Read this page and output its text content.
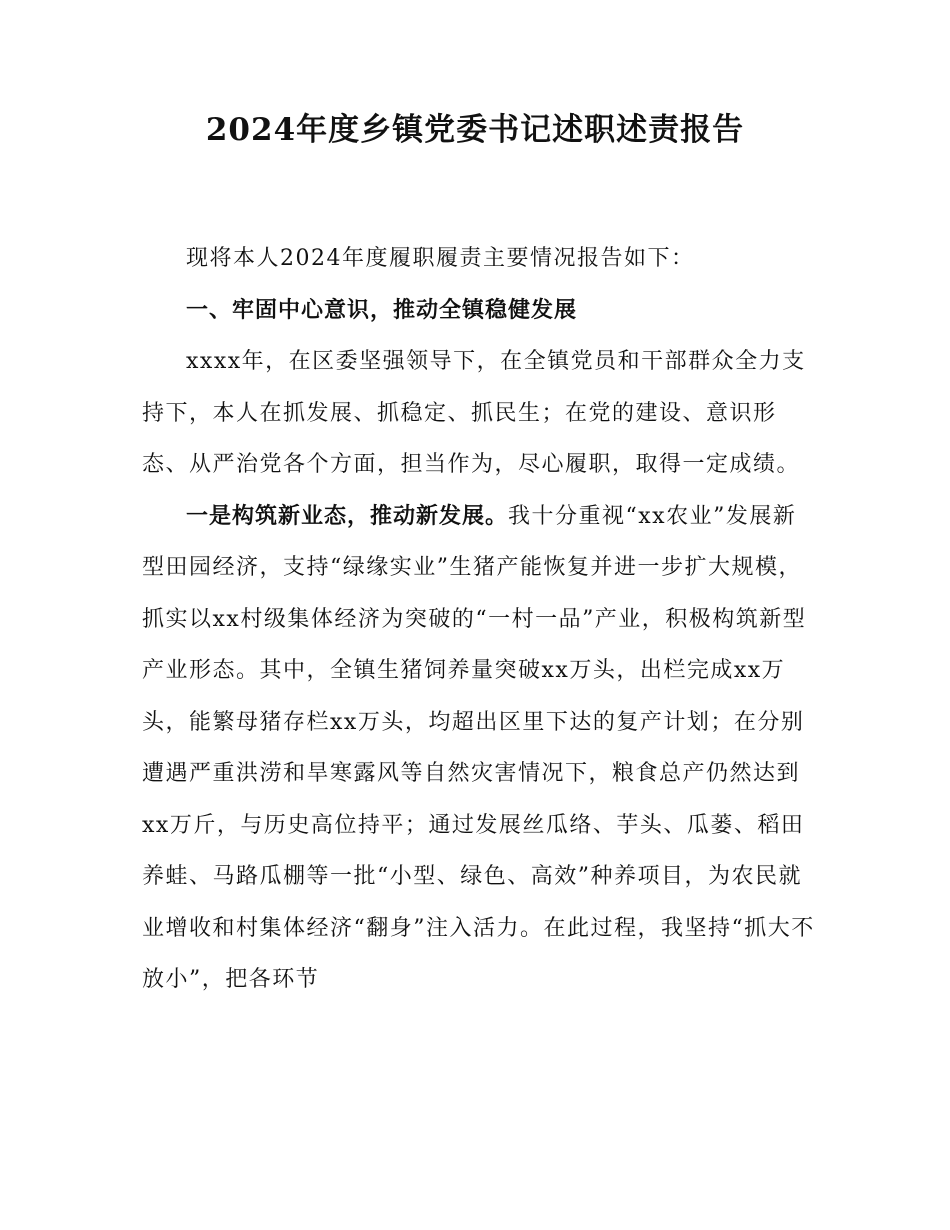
2024年度乡镇党委书记述职述责报告

现将本人2024年度履职履责主要情况报告如下：

一、牢固中心意识，推动全镇稳健发展

xxxx年，在区委坚强领导下，在全镇党员和干部群众全力支持下，本人在抓发展、抓稳定、抓民生；在党的建设、意识形态、从严治党各个方面，担当作为，尽心履职，取得一定成绩。

一是构筑新业态，推动新发展。我十分重视“xx农业”发展新型田园经济，支持“绿缘实业”生猪产能恢复并进一步扩大规模，抓实以xx村级集体经济为突破的“一村一品”产业，积极构筑新型产业形态。其中，全镇生猪饲养量突破xx万头，出栏完成xx万头，能繁母猪存栏xx万头，均超出区里下达的复产计划；在分别遭遇严重洪涝和旱寒露风等自然灾害情况下，粮食总产仍然达到xx万斤，与历史高位持平；通过发展丝瓜络、芋头、瓜蒌、稻田养蛙、马路瓜棚等一批“小型、绿色、高效”种养项目，为农民就业增收和村集体经济“翻身”注入活力。在此过程，我坚持“抓大不放小”，把各环节
